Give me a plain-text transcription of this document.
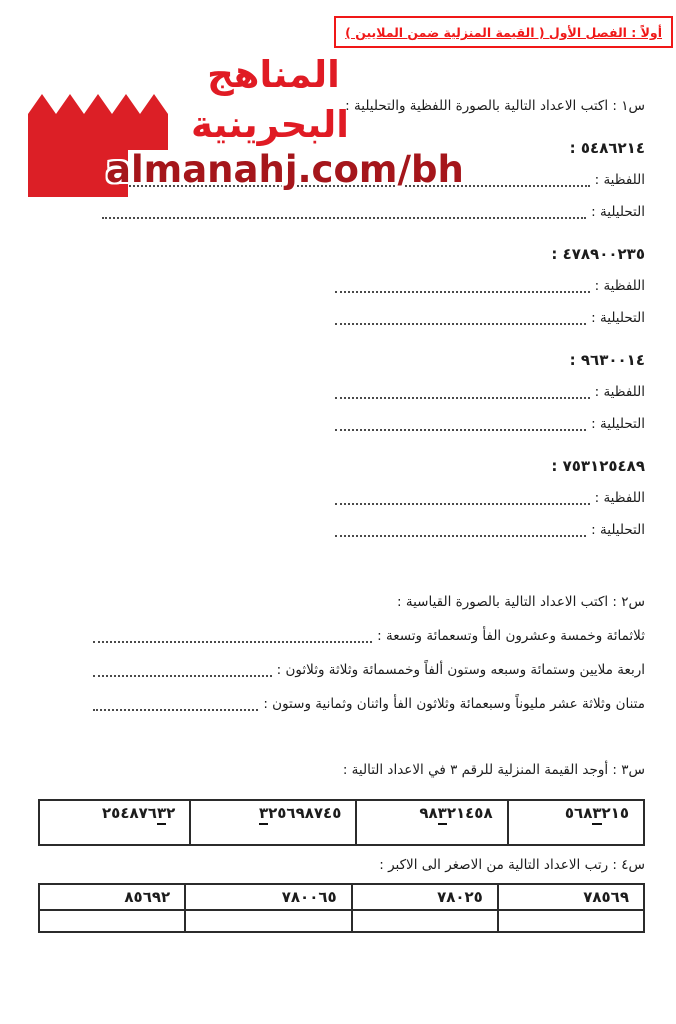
أولاً : الفصل الأول ( القيمة المنزلية ضمن الملايين )
المناهج
البحرينية
almanahj.com/bh
س١ : اكتب الاعداد التالية بالصورة اللفظية والتحليلية :
٥٤٨٦٢١٤ :
اللفظية :
التحليلية :
٤٧٨٩٠٠٢٣٥ :
اللفظية :
التحليلية :
٩٦٣٠٠١٤ :
اللفظية :
التحليلية :
٧٥٣١٢٥٤٨٩ :
اللفظية :
التحليلية :
س٢ : اكتب الاعداد التالية بالصورة القياسية :
ثلاثمائة وخمسة وعشرون الفأ وتسعمائة وتسعة :
اربعة ملايين وستمائة وسبعه وستون ألفاً وخمسمائة وثلاثة وثلاثون :
متنان وثلاثة عشر مليوناً وسبعمائة وثلاثون الفأ واثنان وثمانية وستون :
س٣ : أوجد القيمة المنزلية للرقم ٣ في الاعداد التالية :
٥٦٨٣٢١٥	٩٨٣٢١٤٥٨	٣٢٥٦٩٨٧٤٥	٢٥٤٨٧٦٣٢
س٤ : رتب الاعداد التالية من الاصغر الى الاكبر :
٧٨٥٦٩	٧٨٠٢٥	٧٨٠٠٦٥	٨٥٦٩٢
